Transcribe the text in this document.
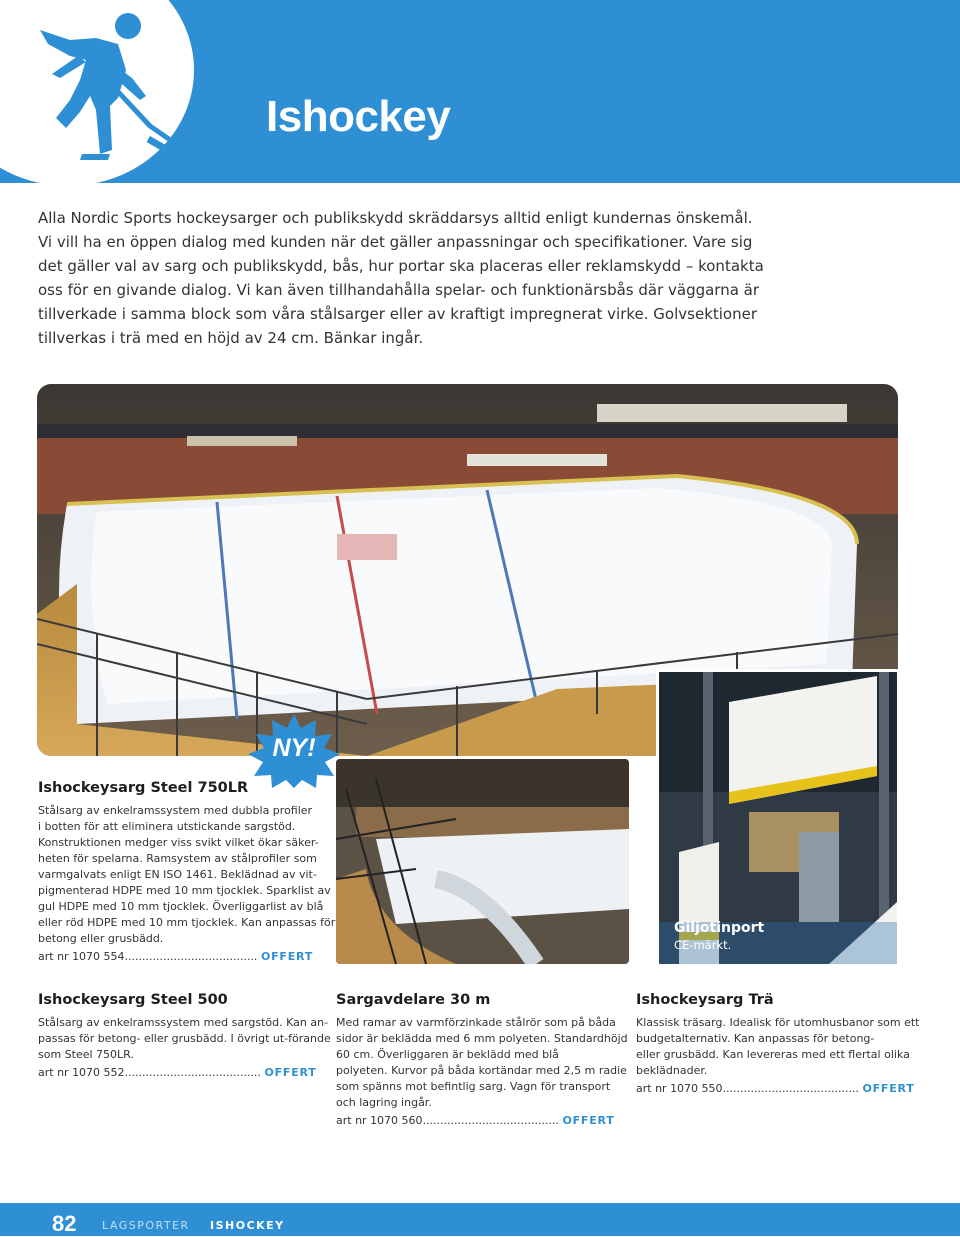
Ishockey

Alla Nordic Sports hockeysarger och publikskydd skräddarsys alltid enligt kundernas önskemål.
Vi vill ha en öppen dialog med kunden när det gäller anpassningar och specifikationer. Vare sig
det gäller val av sarg och publikskydd, bås, hur portar ska placeras eller reklamskydd – kontakta
oss för en givande dialog. Vi kan även tillhandahålla spelar- och funktionärsbås där väggarna är
tillverkade i samma block som våra stålsarger eller av kraftigt impregnerat virke. Golvsektioner
tillverkas i trä med en höjd av 24 cm. Bänkar ingår.

NY!
Giljotinport
CE-märkt.
Ishockeysarg Steel 750LR
Stålsarg av enkelramssystem med dubbla profiler
i botten för att eliminera utstickande sargstöd.
Konstruktionen medger viss svikt vilket ökar säker-
heten för spelarna. Ramsystem av stålprofiler som
varmgalvats enligt EN ISO 1461. Beklädnad av vit-
pigmenterad HDPE med 10 mm tjocklek. Sparklist av
gul HDPE med 10 mm tjocklek. Överliggarlist av blå
eller röd HDPE med 10 mm tjocklek. Kan anpassas för
betong eller grusbädd.
art nr 1070 554...................................... OFFERT
Ishockeysarg Steel 500
Stålsarg av enkelramssystem med sargstöd. Kan an-
passas för betong- eller grusbädd. I övrigt ut-förande
som Steel 750LR.
art nr 1070 552....................................... OFFERT
Sargavdelare 30 m
Med ramar av varmförzinkade stålrör som på båda
sidor är beklädda med 6 mm polyeten. Standardhöjd
60 cm. Överliggaren är beklädd med blå
polyeten. Kurvor på båda kortändar med 2,5 m radie
som spänns mot befintlig sarg. Vagn för transport
och lagring ingår.
art nr 1070 560....................................... OFFERT
Ishockeysarg Trä
Klassisk träsarg. Idealisk för utomhusbanor som ett
budgetalternativ. Kan anpassas för betong-
eller grusbädd. Kan levereras med ett flertal olika
beklädnader.
art nr 1070 550....................................... OFFERT
82 LAGSPORTER ISHOCKEY
